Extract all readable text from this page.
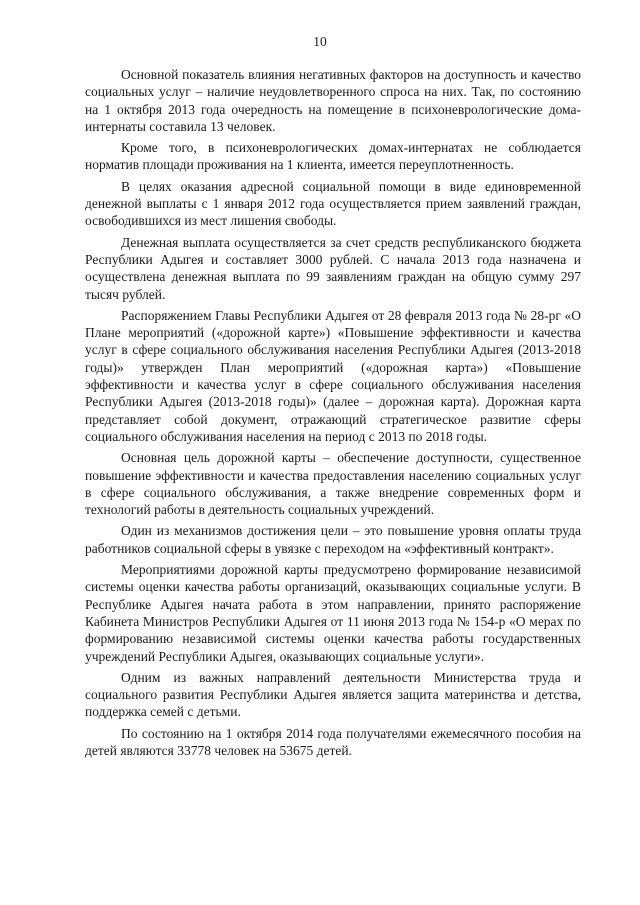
10

Основной показатель влияния негативных факторов на доступность и качество социальных услуг – наличие неудовлетворенного спроса на них. Так, по состоянию на 1 октября 2013 года очередность на помещение в психоневрологические дома-интернаты составила 13 человек.

Кроме того, в психоневрологических домах-интернатах не соблюдается норматив площади проживания на 1 клиента, имеется переуплотненность.

В целях оказания адресной социальной помощи в виде единовременной денежной выплаты с 1 января 2012 года осуществляется прием заявлений граждан, освободившихся из мест лишения свободы.

Денежная выплата осуществляется за счет средств республиканского бюджета Республики Адыгея и составляет 3000 рублей. С начала 2013 года назначена и осуществлена денежная выплата по 99 заявлениям граждан на общую сумму 297 тысяч рублей.

Распоряжением Главы Республики Адыгея от 28 февраля 2013 года № 28-рг «О Плане мероприятий («дорожной карте») «Повышение эффективности и качества услуг в сфере социального обслуживания населения Республики Адыгея (2013-2018 годы)» утвержден План мероприятий («дорожная карта») «Повышение эффективности и качества услуг в сфере социального обслуживания населения Республики Адыгея (2013-2018 годы)» (далее – дорожная карта). Дорожная карта представляет собой документ, отражающий стратегическое развитие сферы социального обслуживания населения на период с 2013 по 2018 годы.

Основная цель дорожной карты – обеспечение доступности, существенное повышение эффективности и качества предоставления населению социальных услуг в сфере социального обслуживания, а также внедрение современных форм и технологий работы в деятельность социальных учреждений.

Один из механизмов достижения цели – это повышение уровня оплаты труда работников социальной сферы в увязке с переходом на «эффективный контракт».

Мероприятиями дорожной карты предусмотрено формирование независимой системы оценки качества работы организаций, оказывающих социальные услуги. В Республике Адыгея начата работа в этом направлении, принято распоряжение Кабинета Министров Республики Адыгея от 11 июня 2013 года № 154-р «О мерах по формированию независимой системы оценки качества работы государственных учреждений Республики Адыгея, оказывающих социальные услуги».

Одним из важных направлений деятельности Министерства труда и социального развития Республики Адыгея является защита материнства и детства, поддержка семей с детьми.

По состоянию на 1 октября 2014 года получателями ежемесячного пособия на детей являются 33778 человек на 53675 детей.
